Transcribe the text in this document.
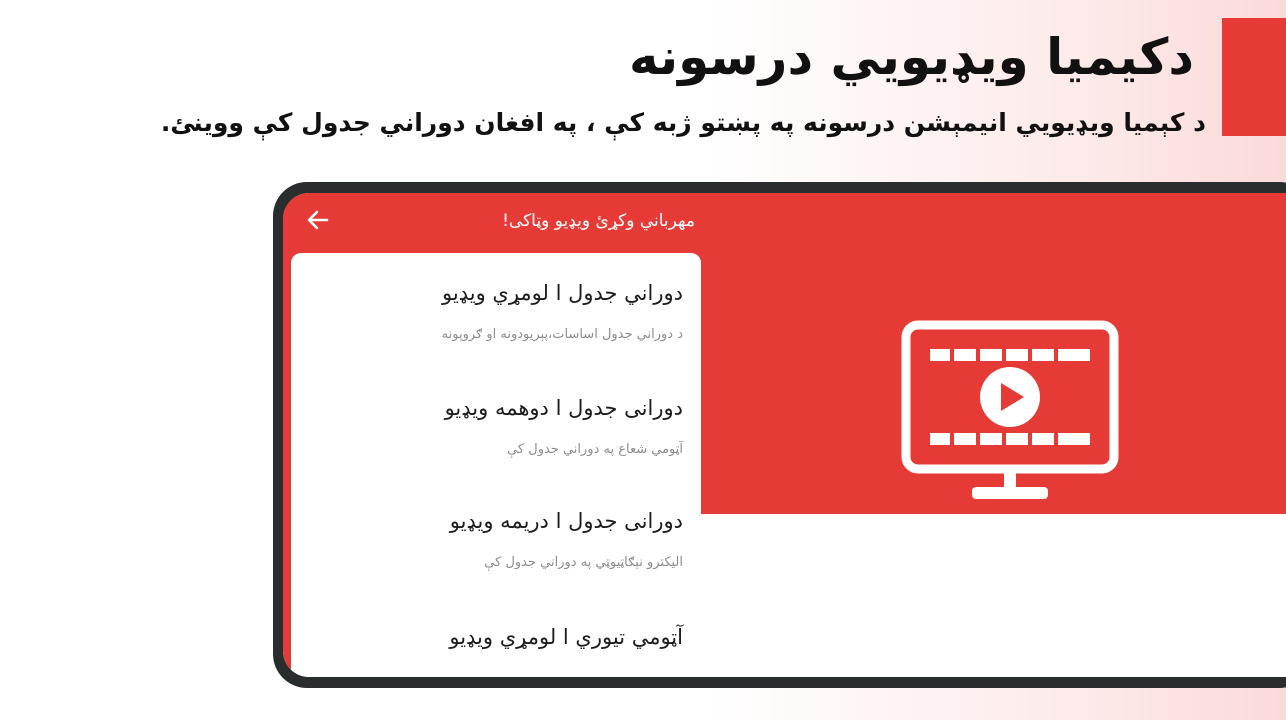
دکیمیا ویډیویي درسونه

د کېمیا ویډیویي انیمېشن درسونه په پښتو ژبه کې ، په افغان دوراني جدول کې ووینئ.

مهرباني وکړئ ویډیو وټاکی!
دوراني جدول ا لومړي ویډیو
د دوراني جدول اساسات،پېریودونه او ګروپونه
دورانی جدول ا دوهمه ویډیو
آټومي شعاع په دوراني جدول کې
دورانی جدول ا دریمه ویډیو
الیکترو نېګاټیوټي په دوراني جدول کې
آټومي تیوري ا لومړي ویډیو
